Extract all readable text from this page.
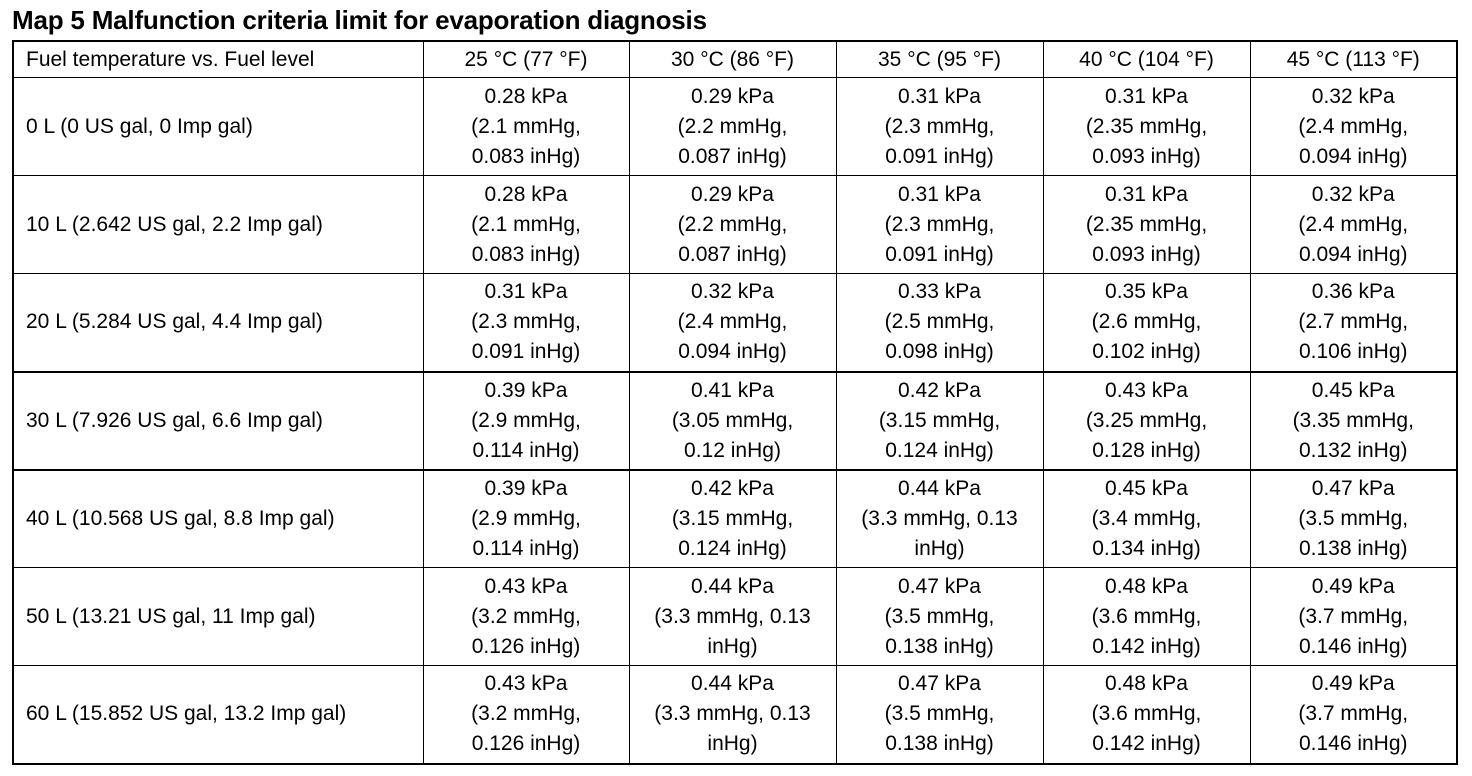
Map 5 Malfunction criteria limit for evaporation diagnosis
Fuel temperature vs. Fuel level	25 °C (77 °F)	30 °C (86 °F)	35 °C (95 °F)	40 °C (104 °F)	45 °C (113 °F)
0 L (0 US gal, 0 Imp gal)	0.28 kPa
(2.1 mmHg,
0.083 inHg)	0.29 kPa
(2.2 mmHg,
0.087 inHg)	0.31 kPa
(2.3 mmHg,
0.091 inHg)	0.31 kPa
(2.35 mmHg,
0.093 inHg)	0.32 kPa
(2.4 mmHg,
0.094 inHg)

10 L (2.642 US gal, 2.2 Imp gal)	0.28 kPa
(2.1 mmHg,
0.083 inHg)	0.29 kPa
(2.2 mmHg,
0.087 inHg)	0.31 kPa
(2.3 mmHg,
0.091 inHg)	0.31 kPa
(2.35 mmHg,
0.093 inHg)	0.32 kPa
(2.4 mmHg,
0.094 inHg)

20 L (5.284 US gal, 4.4 Imp gal)	0.31 kPa
(2.3 mmHg,
0.091 inHg)	0.32 kPa
(2.4 mmHg,
0.094 inHg)	0.33 kPa
(2.5 mmHg,
0.098 inHg)	0.35 kPa
(2.6 mmHg,
0.102 inHg)	0.36 kPa
(2.7 mmHg,
0.106 inHg)

30 L (7.926 US gal, 6.6 Imp gal)	0.39 kPa
(2.9 mmHg,
0.114 inHg)	0.41 kPa
(3.05 mmHg,
0.12 inHg)	0.42 kPa
(3.15 mmHg,
0.124 inHg)	0.43 kPa
(3.25 mmHg,
0.128 inHg)	0.45 kPa
(3.35 mmHg,
0.132 inHg)

40 L (10.568 US gal, 8.8 Imp gal)	0.39 kPa
(2.9 mmHg,
0.114 inHg)	0.42 kPa
(3.15 mmHg,
0.124 inHg)	0.44 kPa
(3.3 mmHg, 0.13
inHg)	0.45 kPa
(3.4 mmHg,
0.134 inHg)	0.47 kPa
(3.5 mmHg,
0.138 inHg)

50 L (13.21 US gal, 11 Imp gal)	0.43 kPa
(3.2 mmHg,
0.126 inHg)	0.44 kPa
(3.3 mmHg, 0.13
inHg)	0.47 kPa
(3.5 mmHg,
0.138 inHg)	0.48 kPa
(3.6 mmHg,
0.142 inHg)	0.49 kPa
(3.7 mmHg,
0.146 inHg)

60 L (15.852 US gal, 13.2 Imp gal)	0.43 kPa
(3.2 mmHg,
0.126 inHg)	0.44 kPa
(3.3 mmHg, 0.13
inHg)	0.47 kPa
(3.5 mmHg,
0.138 inHg)	0.48 kPa
(3.6 mmHg,
0.142 inHg)	0.49 kPa
(3.7 mmHg,
0.146 inHg)
